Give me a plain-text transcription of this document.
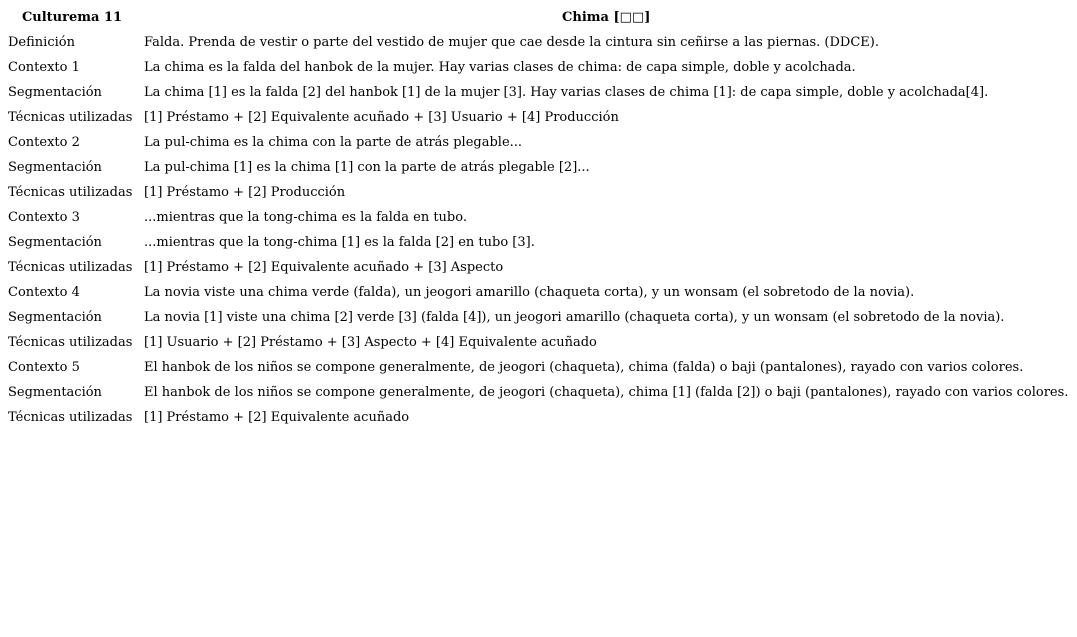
Culturema 11	Chima [□□]
Definición	Falda. Prenda de vestir o parte del vestido de mujer que cae desde la cintura sin ceñirse a las piernas. (DDCE).
Contexto 1	La chima es la falda del hanbok de la mujer. Hay varias clases de chima: de capa simple, doble y acolchada.
Segmentación	La chima [1] es la falda [2] del hanbok [1] de la mujer [3]. Hay varias clases de chima [1]: de capa simple, doble y acolchada[4].
Técnicas utilizadas	[1] Préstamo + [2] Equivalente acuñado + [3] Usuario + [4] Producción
Contexto 2	La pul-chima es la chima con la parte de atrás plegable...
Segmentación	La pul-chima [1] es la chima [1] con la parte de atrás plegable [2]...
Técnicas utilizadas	[1] Préstamo + [2] Producción
Contexto 3	...mientras que la tong-chima es la falda en tubo.
Segmentación	...mientras que la tong-chima [1] es la falda [2] en tubo [3].
Técnicas utilizadas	[1] Préstamo + [2] Equivalente acuñado + [3] Aspecto
Contexto 4	La novia viste una chima verde (falda), un jeogori amarillo (chaqueta corta), y un wonsam (el sobretodo de la novia).
Segmentación	La novia [1] viste una chima [2] verde [3] (falda [4]), un jeogori amarillo (chaqueta corta), y un wonsam (el sobretodo de la novia).
Técnicas utilizadas	[1] Usuario + [2] Préstamo + [3] Aspecto + [4] Equivalente acuñado
Contexto 5	El hanbok de los niños se compone generalmente, de jeogori (chaqueta), chima (falda) o baji (pantalones), rayado con varios colores.
Segmentación	El hanbok de los niños se compone generalmente, de jeogori (chaqueta), chima [1] (falda [2]) o baji (pantalones), rayado con varios colores.
Técnicas utilizadas	[1] Préstamo + [2] Equivalente acuñado
